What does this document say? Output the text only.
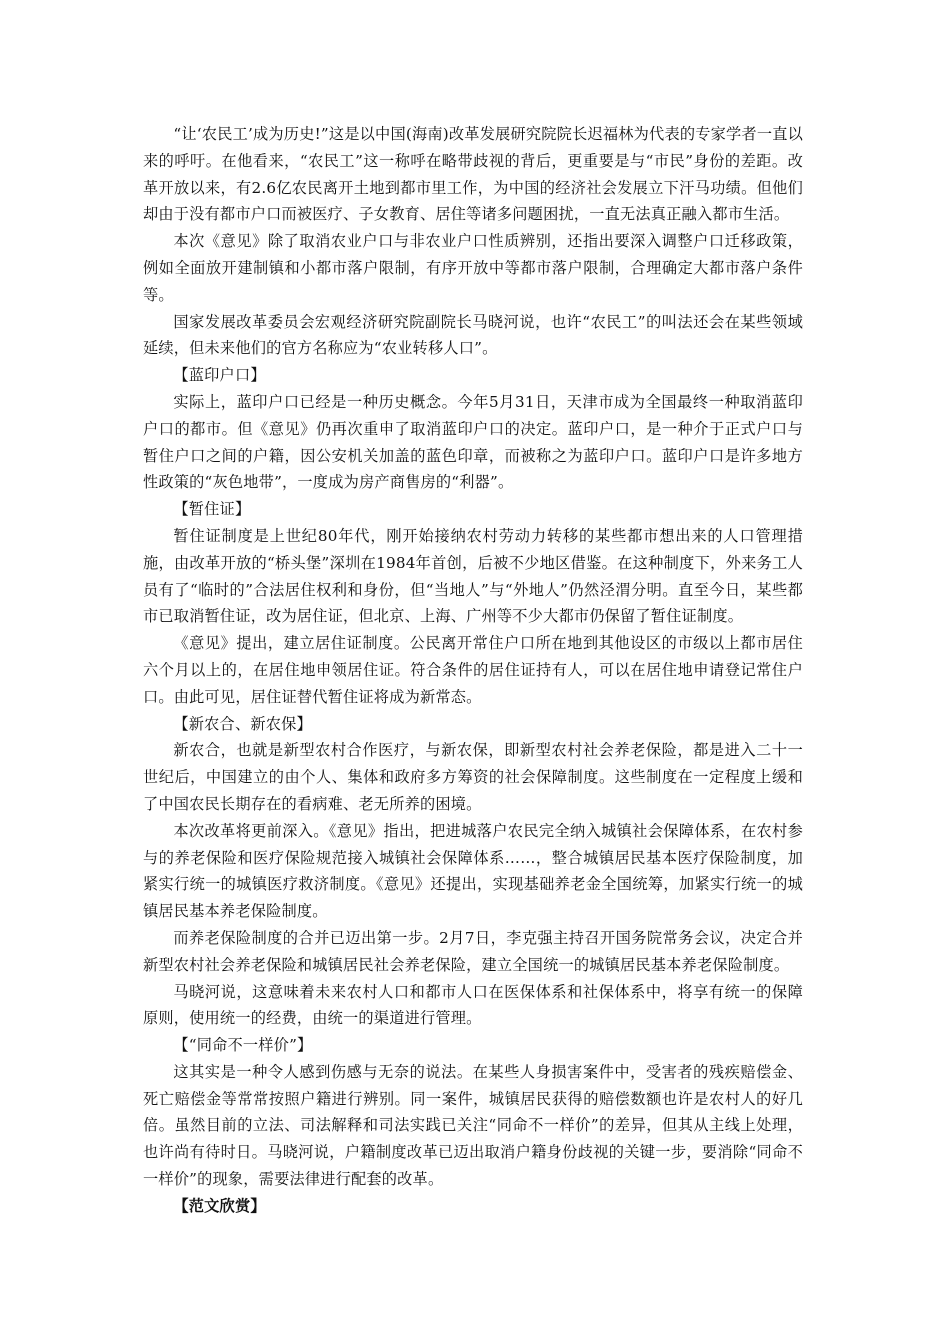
“让‘农民工’成为历史!”这是以中国(海南)改革发展研究院院长迟福林为代表的专家学者一直以来的呼吁。在他看来，“农民工”这一称呼在略带歧视的背后，更重要是与“市民”身份的差距。改革开放以来，有2.6亿农民离开土地到都市里工作，为中国的经济社会发展立下汗马功绩。但他们却由于没有都市户口而被医疗、子女教育、居住等诸多问题困扰，一直无法真正融入都市生活。

本次《意见》除了取消农业户口与非农业户口性质辨别，还指出要深入调整户口迁移政策，例如全面放开建制镇和小都市落户限制，有序开放中等都市落户限制，合理确定大都市落户条件等。

国家发展改革委员会宏观经济研究院副院长马晓河说，也许“农民工”的叫法还会在某些领域延续，但未来他们的官方名称应为“农业转移人口”。

【蓝印户口】

实际上，蓝印户口已经是一种历史概念。今年5月31日，天津市成为全国最终一种取消蓝印户口的都市。但《意见》仍再次重申了取消蓝印户口的决定。蓝印户口，是一种介于正式户口与暂住户口之间的户籍，因公安机关加盖的蓝色印章，而被称之为蓝印户口。蓝印户口是许多地方性政策的“灰色地带”，一度成为房产商售房的“利器”。

【暂住证】

暂住证制度是上世纪80年代，刚开始接纳农村劳动力转移的某些都市想出来的人口管理措施，由改革开放的“桥头堡”深圳在1984年首创，后被不少地区借鉴。在这种制度下，外来务工人员有了“临时的”合法居住权利和身份，但“当地人”与“外地人”仍然泾渭分明。直至今日，某些都市已取消暂住证，改为居住证，但北京、上海、广州等不少大都市仍保留了暂住证制度。

《意见》提出，建立居住证制度。公民离开常住户口所在地到其他设区的市级以上都市居住六个月以上的，在居住地申领居住证。符合条件的居住证持有人，可以在居住地申请登记常住户口。由此可见，居住证替代暂住证将成为新常态。

【新农合、新农保】

新农合，也就是新型农村合作医疗，与新农保，即新型农村社会养老保险，都是进入二十一世纪后，中国建立的由个人、集体和政府多方筹资的社会保障制度。这些制度在一定程度上缓和了中国农民长期存在的看病难、老无所养的困境。

本次改革将更前深入。《意见》指出，把进城落户农民完全纳入城镇社会保障体系，在农村参与的养老保险和医疗保险规范接入城镇社会保障体系……，整合城镇居民基本医疗保险制度，加紧实行统一的城镇医疗救济制度。《意见》还提出，实现基础养老金全国统筹，加紧实行统一的城镇居民基本养老保险制度。

而养老保险制度的合并已迈出第一步。2月7日，李克强主持召开国务院常务会议，决定合并新型农村社会养老保险和城镇居民社会养老保险，建立全国统一的城镇居民基本养老保险制度。

马晓河说，这意味着未来农村人口和都市人口在医保体系和社保体系中，将享有统一的保障原则，使用统一的经费，由统一的渠道进行管理。

【“同命不一样价”】

这其实是一种令人感到伤感与无奈的说法。在某些人身损害案件中，受害者的残疾赔偿金、死亡赔偿金等常常按照户籍进行辨别。同一案件，城镇居民获得的赔偿数额也许是农村人的好几倍。虽然目前的立法、司法解释和司法实践已关注“同命不一样价”的差异，但其从主线上处理，也许尚有待时日。马晓河说，户籍制度改革已迈出取消户籍身份歧视的关键一步，要消除“同命不一样价”的现象，需要法律进行配套的改革。

【范文欣赏】
